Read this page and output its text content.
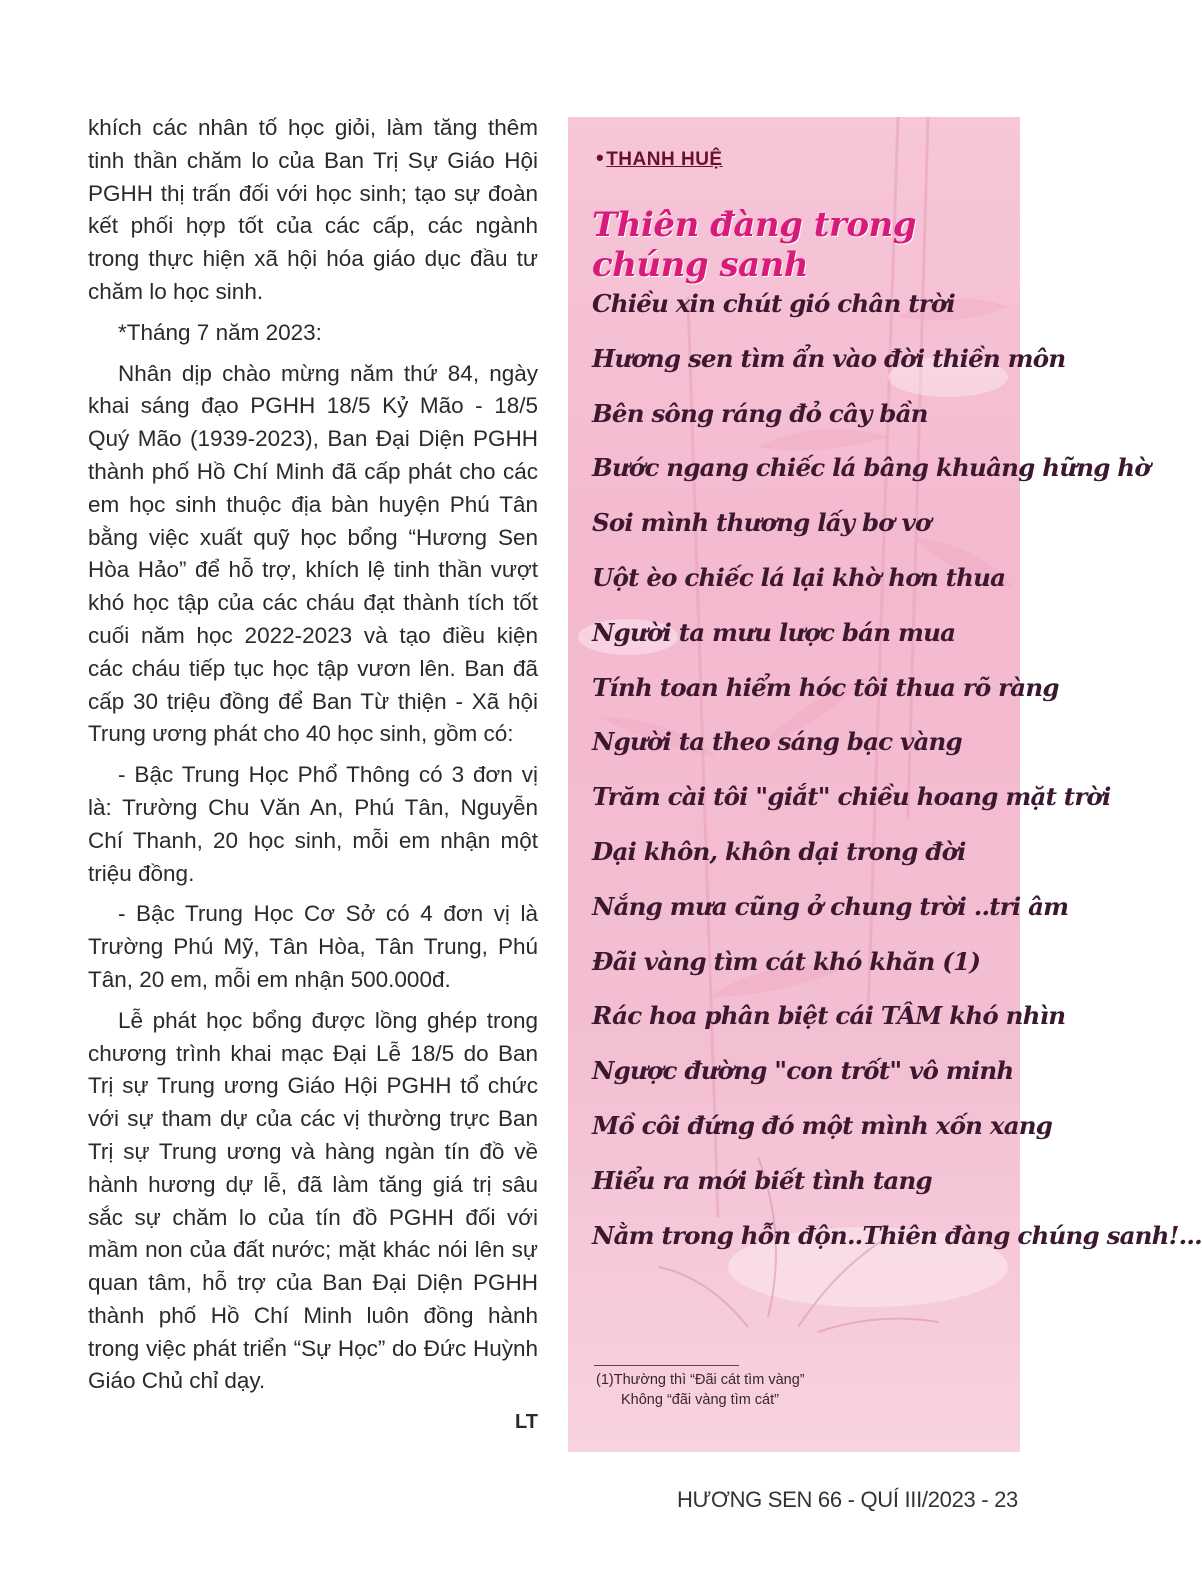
khích các nhân tố học giỏi, làm tăng thêm tinh thần chăm lo của Ban Trị Sự Giáo Hội PGHH thị trấn đối với học sinh; tạo sự đoàn kết phối hợp tốt của các cấp, các ngành trong thực hiện xã hội hóa giáo dục đầu tư chăm lo học sinh.

*Tháng 7 năm 2023:

Nhân dịp chào mừng năm thứ 84, ngày khai sáng đạo PGHH 18/5 Kỷ Mão - 18/5 Quý Mão (1939-2023), Ban Đại Diện PGHH thành phố Hồ Chí Minh đã cấp phát cho các em học sinh thuộc địa bàn huyện Phú Tân bằng việc xuất quỹ học bổng “Hương Sen Hòa Hảo” để hỗ trợ, khích lệ tinh thần vượt khó học tập của các cháu đạt thành tích tốt cuối năm học 2022-2023 và tạo điều kiện các cháu tiếp tục học tập vươn lên. Ban đã cấp 30 triệu đồng để Ban Từ thiện - Xã hội Trung ương phát cho 40 học sinh, gồm có:

- Bậc Trung Học Phổ Thông có 3 đơn vị là: Trường Chu Văn An, Phú Tân, Nguyễn Chí Thanh, 20 học sinh, mỗi em nhận một triệu đồng.

- Bậc Trung Học Cơ Sở có 4 đơn vị là Trường Phú Mỹ, Tân Hòa, Tân Trung, Phú Tân, 20 em, mỗi em nhận 500.000đ.

Lễ phát học bổng được lồng ghép trong chương trình khai mạc Đại Lễ 18/5 do Ban Trị sự Trung ương Giáo Hội PGHH tổ chức với sự tham dự của các vị thường trực Ban Trị sự Trung ương và hàng ngàn tín đồ về hành hương dự lễ, đã làm tăng giá trị sâu sắc sự chăm lo của tín đồ PGHH đối với mầm non của đất nước; mặt khác nói lên sự quan tâm, hỗ trợ của Ban Đại Diện PGHH thành phố Hồ Chí Minh luôn đồng hành trong việc phát triển “Sự Học” do Đức Huỳnh Giáo Chủ chỉ dạy.

LT

• THANH HUỆ
Thiên đàng trong chúng sanh
Chiều xin chút gió chân trời
Hương sen tìm ẩn vào đời thiền môn
Bên sông ráng đỏ cây bần
Bước ngang chiếc lá bâng khuâng hững hờ
Soi mình thương lấy bơ vơ
Uột èo chiếc lá lại khờ hơn thua
Người ta mưu lược bán mua
Tính toan hiểm hóc tôi thua rõ ràng
Người ta theo sáng bạc vàng
Trăm cài tôi "giắt" chiều hoang mặt trời
Dại khôn, khôn dại trong đời
Nắng mưa cũng ở chung trời ..tri âm
Đãi vàng tìm cát khó khăn (1)
Rác hoa phân biệt cái TÂM khó nhìn
Ngược đường "con trốt" vô minh
Mồ côi đứng đó một mình xốn xang
Hiểu ra mới biết tình tang
Nằm trong hỗn độn..Thiên đàng chúng sanh!...
(1)Thường thì “Đãi cát tìm vàng”
Không “đãi vàng tìm cát”
HƯƠNG SEN 66 - QUÍ III/2023 - 23
